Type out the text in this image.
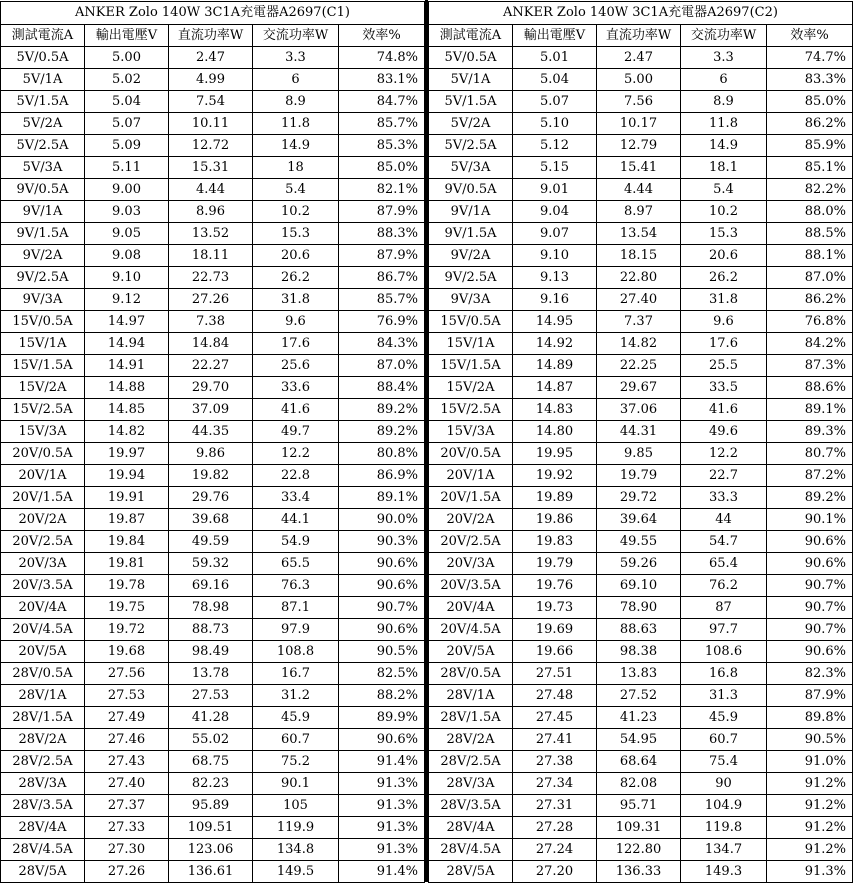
ANKER Zolo 140W 3C1A充電器A2697(C1)				
測試電流A	輸出電壓V	直流功率W	交流功率W	效率%
5V/0.5A	5.00	2.47	3.3	74.8%
5V/1A	5.02	4.99	6	83.1%
5V/1.5A	5.04	7.54	8.9	84.7%
5V/2A	5.07	10.11	11.8	85.7%
5V/2.5A	5.09	12.72	14.9	85.3%
5V/3A	5.11	15.31	18	85.0%
9V/0.5A	9.00	4.44	5.4	82.1%
9V/1A	9.03	8.96	10.2	87.9%
9V/1.5A	9.05	13.52	15.3	88.3%
9V/2A	9.08	18.11	20.6	87.9%
9V/2.5A	9.10	22.73	26.2	86.7%
9V/3A	9.12	27.26	31.8	85.7%
15V/0.5A	14.97	7.38	9.6	76.9%
15V/1A	14.94	14.84	17.6	84.3%
15V/1.5A	14.91	22.27	25.6	87.0%
15V/2A	14.88	29.70	33.6	88.4%
15V/2.5A	14.85	37.09	41.6	89.2%
15V/3A	14.82	44.35	49.7	89.2%
20V/0.5A	19.97	9.86	12.2	80.8%
20V/1A	19.94	19.82	22.8	86.9%
20V/1.5A	19.91	29.76	33.4	89.1%
20V/2A	19.87	39.68	44.1	90.0%
20V/2.5A	19.84	49.59	54.9	90.3%
20V/3A	19.81	59.32	65.5	90.6%
20V/3.5A	19.78	69.16	76.3	90.6%
20V/4A	19.75	78.98	87.1	90.7%
20V/4.5A	19.72	88.73	97.9	90.6%
20V/5A	19.68	98.49	108.8	90.5%
28V/0.5A	27.56	13.78	16.7	82.5%
28V/1A	27.53	27.53	31.2	88.2%
28V/1.5A	27.49	41.28	45.9	89.9%
28V/2A	27.46	55.02	60.7	90.6%
28V/2.5A	27.43	68.75	75.2	91.4%
28V/3A	27.40	82.23	90.1	91.3%
28V/3.5A	27.37	95.89	105	91.3%
28V/4A	27.33	109.51	119.9	91.3%
28V/4.5A	27.30	123.06	134.8	91.3%
28V/5A	27.26	136.61	149.5	91.4%
ANKER Zolo 140W 3C1A充電器A2697(C2)				
測試電流A	輸出電壓V	直流功率W	交流功率W	效率%
5V/0.5A	5.01	2.47	3.3	74.7%
5V/1A	5.04	5.00	6	83.3%
5V/1.5A	5.07	7.56	8.9	85.0%
5V/2A	5.10	10.17	11.8	86.2%
5V/2.5A	5.12	12.79	14.9	85.9%
5V/3A	5.15	15.41	18.1	85.1%
9V/0.5A	9.01	4.44	5.4	82.2%
9V/1A	9.04	8.97	10.2	88.0%
9V/1.5A	9.07	13.54	15.3	88.5%
9V/2A	9.10	18.15	20.6	88.1%
9V/2.5A	9.13	22.80	26.2	87.0%
9V/3A	9.16	27.40	31.8	86.2%
15V/0.5A	14.95	7.37	9.6	76.8%
15V/1A	14.92	14.82	17.6	84.2%
15V/1.5A	14.89	22.25	25.5	87.3%
15V/2A	14.87	29.67	33.5	88.6%
15V/2.5A	14.83	37.06	41.6	89.1%
15V/3A	14.80	44.31	49.6	89.3%
20V/0.5A	19.95	9.85	12.2	80.7%
20V/1A	19.92	19.79	22.7	87.2%
20V/1.5A	19.89	29.72	33.3	89.2%
20V/2A	19.86	39.64	44	90.1%
20V/2.5A	19.83	49.55	54.7	90.6%
20V/3A	19.79	59.26	65.4	90.6%
20V/3.5A	19.76	69.10	76.2	90.7%
20V/4A	19.73	78.90	87	90.7%
20V/4.5A	19.69	88.63	97.7	90.7%
20V/5A	19.66	98.38	108.6	90.6%
28V/0.5A	27.51	13.83	16.8	82.3%
28V/1A	27.48	27.52	31.3	87.9%
28V/1.5A	27.45	41.23	45.9	89.8%
28V/2A	27.41	54.95	60.7	90.5%
28V/2.5A	27.38	68.64	75.4	91.0%
28V/3A	27.34	82.08	90	91.2%
28V/3.5A	27.31	95.71	104.9	91.2%
28V/4A	27.28	109.31	119.8	91.2%
28V/4.5A	27.24	122.80	134.7	91.2%
28V/5A	27.20	136.33	149.3	91.3%
